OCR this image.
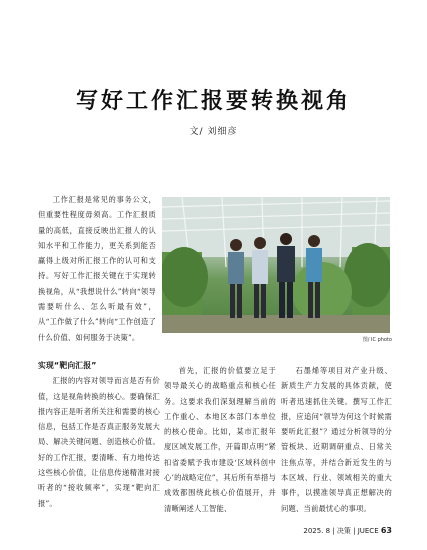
写好工作汇报要转换视角
文/ 刘细彦

工作汇报是常见的事务公文，但重要性程度毋须高。工作汇报质量的高低，直接反映出汇报人的认知水平和工作能力，更关系到能否赢得上级对所汇报工作的认可和支持。写好工作汇报关键在于实现转换视角，从“我想说什么”转向“领导需要听什么、怎么听最有效”，从“工作做了什么”转向“工作创造了什么价值、如何服务于决策”。	图/ IC photo

实现“靶向汇报”

汇报的内容对领导而言是否有价值，这是视角转换的核心。要确保汇报内容正是听者所关注和需要的核心信息，包括工作是否真正服务发展大局、解决关键问题、创造核心价值。好的工作汇报，要清晰、有力地传达这些核心价值，让信息传递精准对接听者的“接收频率”，实现“靶向汇报”。

首先，汇报的价值要立足于领导最关心的战略重点和核心任务。这要求我们深刻理解当前的工作重心、本地区本部门本单位的核心使命。比如，某市汇报年度区域发展工作，开篇即点明“紧扣省委赋予我市建设‘区域科创中心’的战略定位”，其后所有举措与成效都围绕此核心价值展开，并清晰阐述人工智能、

石墨烯等项目对产业升级、新质生产力发展的具体贡献，使听者迅速抓住关键。撰写工作汇报，应追问“领导为何这个时候需要听此汇报”？通过分析领导的分管板块、近期调研重点、日常关注焦点等，并结合新近发生的与本区域、行业、领域相关的重大事件，以摸准领导真正想解决的问题、当前最忧心的事项。

2025. 8 | 决策 | JUECE 63
